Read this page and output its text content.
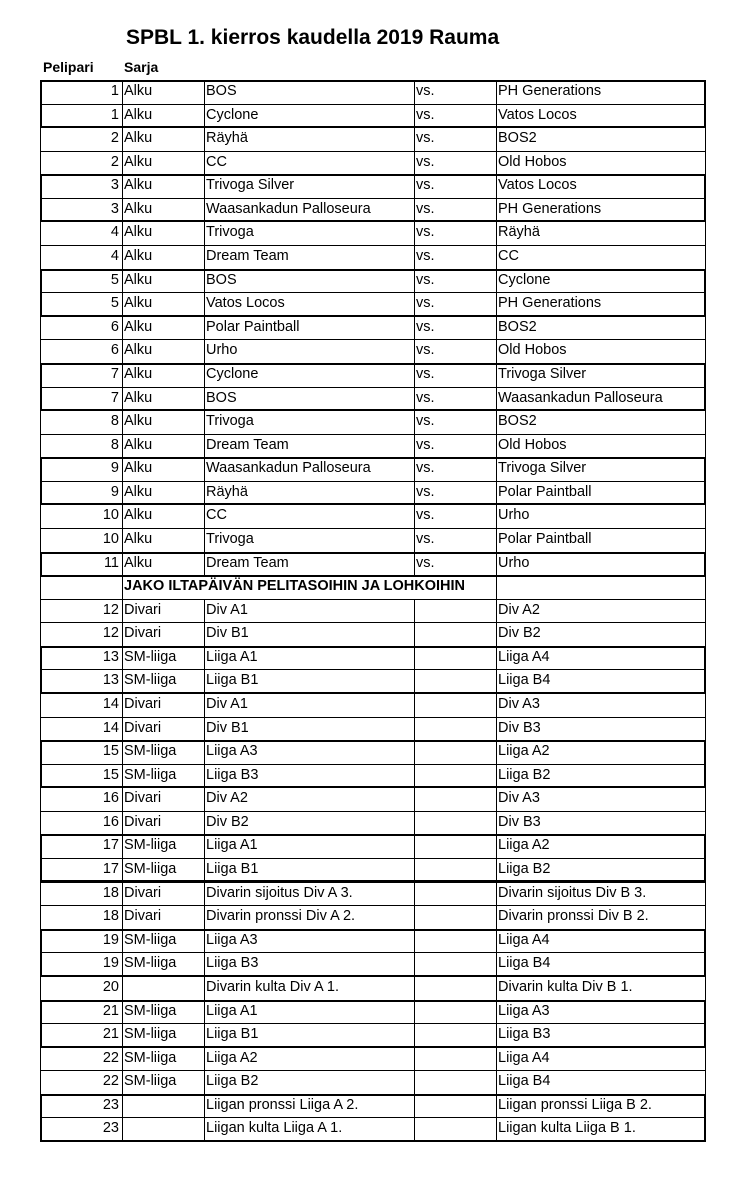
SPBL 1. kierros kaudella 2019 Rauma
Pelipari Sarja
1 Alku	BOS	vs.	PH Generations
1 Alku	Cyclone	vs.	Vatos Locos
2 Alku	Räyhä	vs.	BOS2
2 Alku	CC	vs.	Old Hobos
3 Alku	Trivoga Silver	vs.	Vatos Locos
3 Alku	Waasankadun Palloseura	vs.	PH Generations
4 Alku	Trivoga	vs.	Räyhä
4 Alku	Dream Team	vs.	CC
5 Alku	BOS	vs.	Cyclone
5 Alku	Vatos Locos	vs.	PH Generations
6 Alku	Polar Paintball	vs.	BOS2
6 Alku	Urho	vs.	Old Hobos
7 Alku	Cyclone	vs.	Trivoga Silver
7 Alku	BOS	vs.	Waasankadun Palloseura
8 Alku	Trivoga	vs.	BOS2
8 Alku	Dream Team	vs.	Old Hobos
9 Alku	Waasankadun Palloseura	vs.	Trivoga Silver
9 Alku	Räyhä	vs.	Polar Paintball
10 Alku	CC	vs.	Urho
10 Alku	Trivoga	vs.	Polar Paintball
11 Alku	Dream Team	vs.	Urho
JAKO ILTAPÄIVÄN PELITASOIHIN JA LOHKOIHIN
12 Divari	Div A1	Div A2
12 Divari	Div B1	Div B2
13 SM-liiga	Liiga A1	Liiga A4
13 SM-liiga	Liiga B1	Liiga B4
14 Divari	Div A1	Div A3
14 Divari	Div B1	Div B3
15 SM-liiga	Liiga A3	Liiga A2
15 SM-liiga	Liiga B3	Liiga B2
16 Divari	Div A2	Div A3
16 Divari	Div B2	Div B3
17 SM-liiga	Liiga A1	Liiga A2
17 SM-liiga	Liiga B1	Liiga B2
18 Divari	Divarin sijoitus Div A 3.	Divarin sijoitus Div B 3.
18 Divari	Divarin pronssi Div A 2.	Divarin pronssi Div B 2.
19 SM-liiga	Liiga A3	Liiga A4
19 SM-liiga	Liiga B3	Liiga B4
20	Divarin kulta Div A 1.	Divarin kulta Div B 1.
21 SM-liiga	Liiga A1	Liiga A3
21 SM-liiga	Liiga B1	Liiga B3
22 SM-liiga	Liiga A2	Liiga A4
22 SM-liiga	Liiga B2	Liiga B4
23	Liigan pronssi Liiga A 2.	Liigan pronssi Liiga B 2.
23	Liigan kulta Liiga A 1.	Liigan kulta Liiga B 1.
